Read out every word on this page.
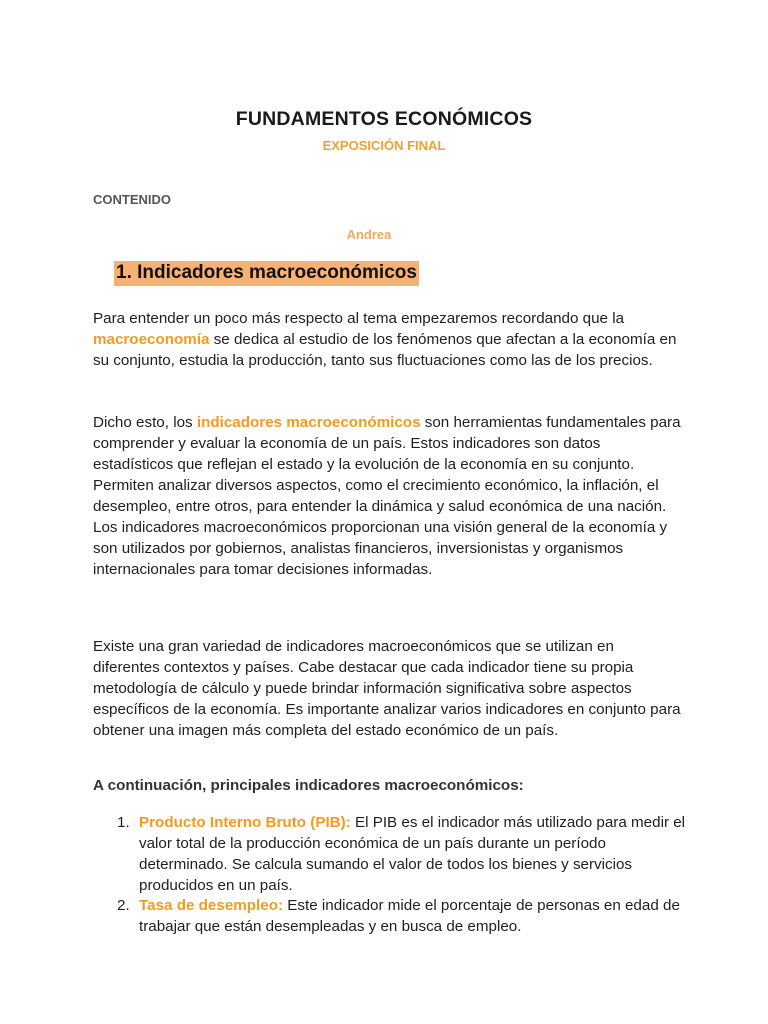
FUNDAMENTOS ECONÓMICOS
EXPOSICIÓN FINAL
CONTENIDO
Andrea
1. Indicadores macroeconómicos
Para entender un poco más respecto al tema empezaremos recordando que la macroeconomía se dedica al estudio de los fenómenos que afectan a la economía en su conjunto, estudia la producción, tanto sus fluctuaciones como las de los precios.
Dicho esto, los indicadores macroeconómicos son herramientas fundamentales para comprender y evaluar la economía de un país. Estos indicadores son datos estadísticos que reflejan el estado y la evolución de la economía en su conjunto. Permiten analizar diversos aspectos, como el crecimiento económico, la inflación, el desempleo, entre otros, para entender la dinámica y salud económica de una nación. Los indicadores macroeconómicos proporcionan una visión general de la economía y son utilizados por gobiernos, analistas financieros, inversionistas y organismos internacionales para tomar decisiones informadas.
Existe una gran variedad de indicadores macroeconómicos que se utilizan en diferentes contextos y países. Cabe destacar que cada indicador tiene su propia metodología de cálculo y puede brindar información significativa sobre aspectos específicos de la economía. Es importante analizar varios indicadores en conjunto para obtener una imagen más completa del estado económico de un país.
A continuación, principales indicadores macroeconómicos:
1. Producto Interno Bruto (PIB): El PIB es el indicador más utilizado para medir el valor total de la producción económica de un país durante un período determinado. Se calcula sumando el valor de todos los bienes y servicios producidos en un país.
2. Tasa de desempleo: Este indicador mide el porcentaje de personas en edad de trabajar que están desempleadas y en busca de empleo.
